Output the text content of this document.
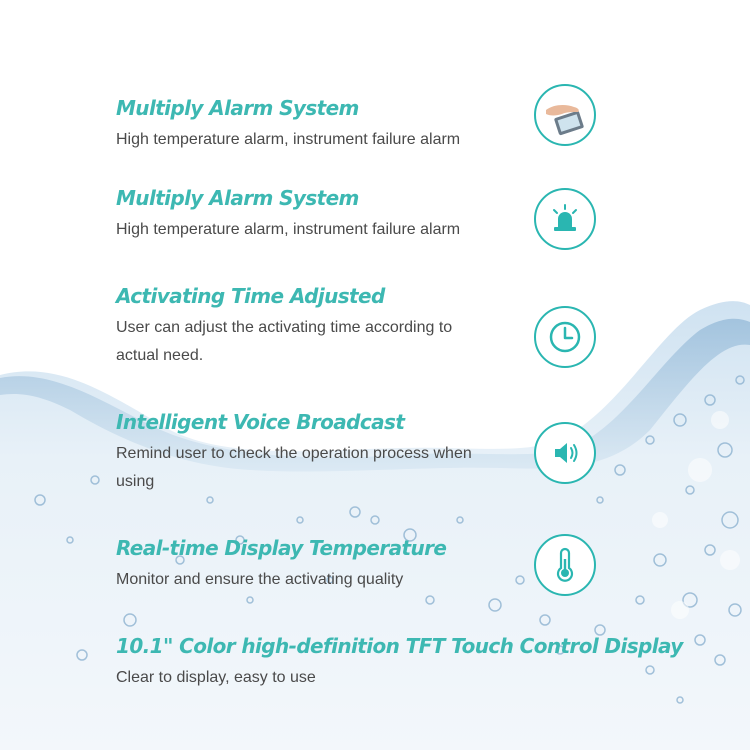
Multiply Alarm System

High temperature alarm, instrument failure alarm

Multiply Alarm System

High temperature alarm, instrument failure alarm

Activating Time Adjusted

User can adjust the activating time according to actual need.

Intelligent Voice Broadcast

Remind user to check the operation process when using

Real-time Display Temperature

Monitor and ensure the activating quality

10.1" Color high-definition TFT Touch Control Display

Clear to display, easy to use
